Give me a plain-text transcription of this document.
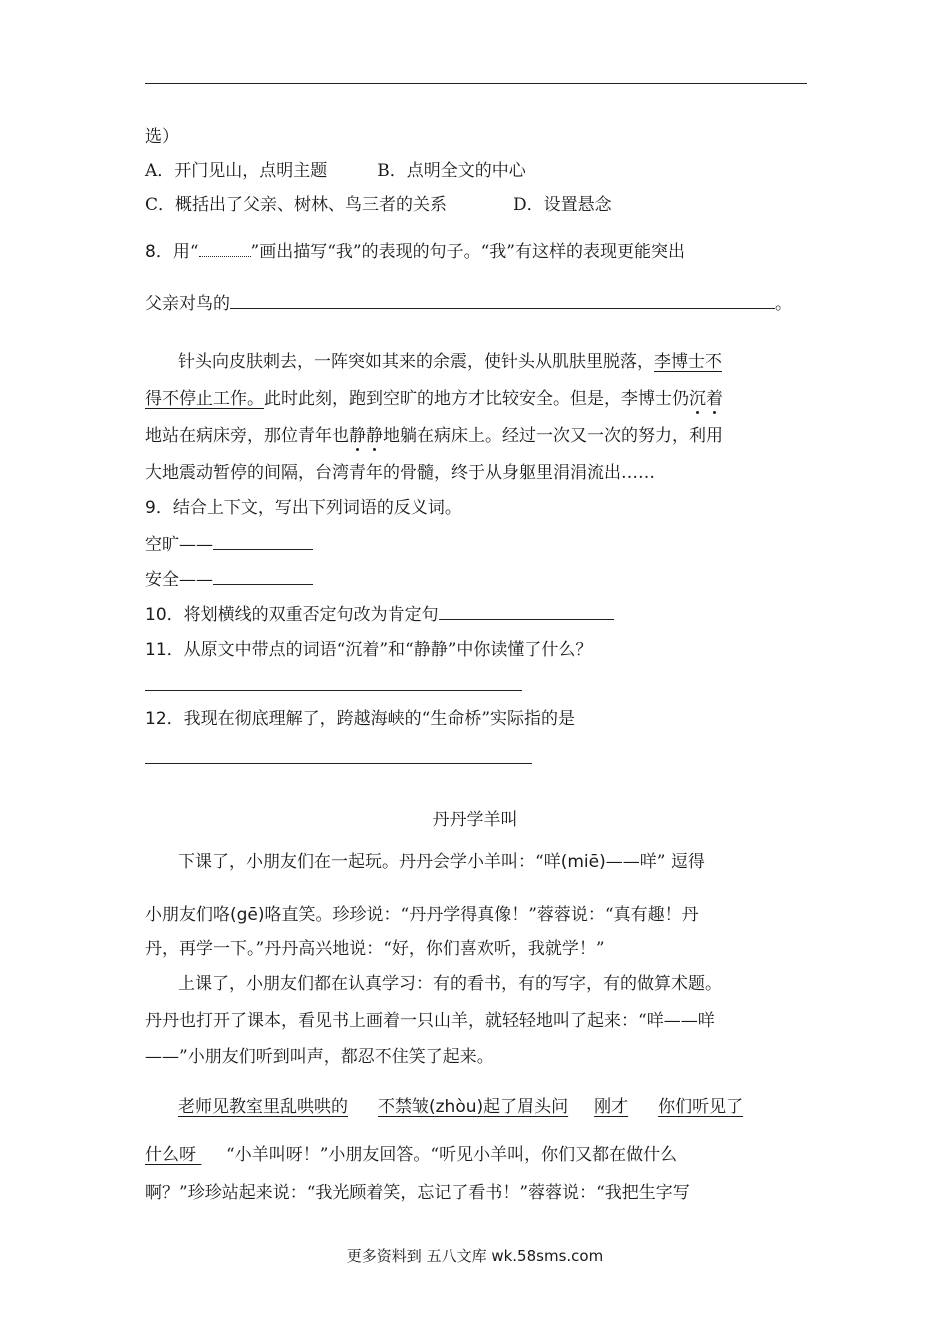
选）
A．开门见山，点明主题	B．点明全文的中心
C．概括出了父亲、树林、鸟三者的关系	D．设置悬念
8．用“	”画出描写“我”的表现的句子。“我”有这样的表现更能突出
父亲对鸟的	。
针头向皮肤刺去，一阵突如其来的余震，使针头从肌肤里脱落，李博士不
得不停止工作。此时此刻，跑到空旷的地方才比较安全。但是，李博士仍沉着
地站在病床旁，那位青年也静静地躺在病床上。经过一次又一次的努力，利用
大地震动暂停的间隔，台湾青年的骨髓，终于从身躯里涓涓流出……
9．结合上下文，写出下列词语的反义词。
空旷——
安全——
10．将划横线的双重否定句改为肯定句
11．从原文中带点的词语“沉着”和“静静”中你读懂了什么？
12．我现在彻底理解了，跨越海峡的“生命桥”实际指的是
丹丹学羊叫
下课了，小朋友们在一起玩。丹丹会学小羊叫：“咩(miē)——咩” 逗得
小朋友们咯(gē)咯直笑。珍珍说：“丹丹学得真像！”蓉蓉说：“真有趣！丹
丹，再学一下。”丹丹高兴地说：“好，你们喜欢听，我就学！”
上课了，小朋友们都在认真学习：有的看书，有的写字，有的做算术题。
丹丹也打开了课本，看见书上画着一只山羊，就轻轻地叫了起来：“咩——咩
——”小朋友们听到叫声，都忍不住笑了起来。
老师见教室里乱哄哄的 不禁皱(zhòu)起了眉头问 刚才 你们听见了
什么呀 “小羊叫呀！”小朋友回答。“听见小羊叫，你们又都在做什么
啊？”珍珍站起来说：“我光顾着笑，忘记了看书！”蓉蓉说：“我把生字写
更多资料到 五八文库 wk.58sms.com
